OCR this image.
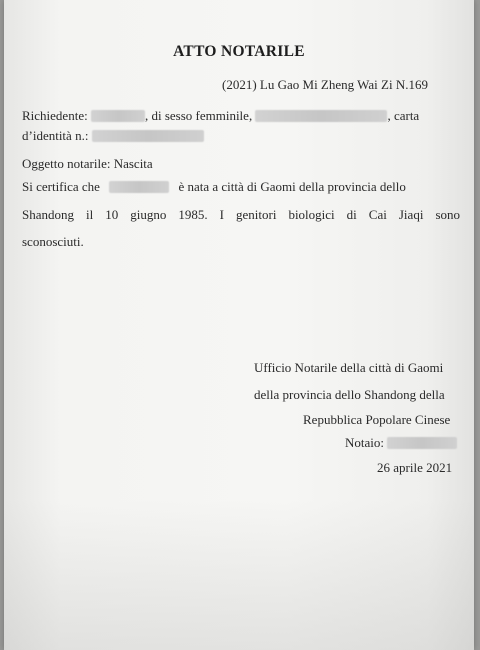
ATTO NOTARILE
(2021) Lu Gao Mi Zheng Wai Zi N.169
Richiedente:	, di sesso femminile,	, carta
d’identità n.:
Oggetto notarile: Nascita
Si certifica che	è nata a città di Gaomi della provincia dello
Shandong il 10 giugno 1985. I genitori biologici di Cai Jiaqi sono
sconosciuti.
Ufficio Notarile della città di Gaomi
della provincia dello Shandong della
Repubblica Popolare Cinese
Notaio:
26 aprile 2021
